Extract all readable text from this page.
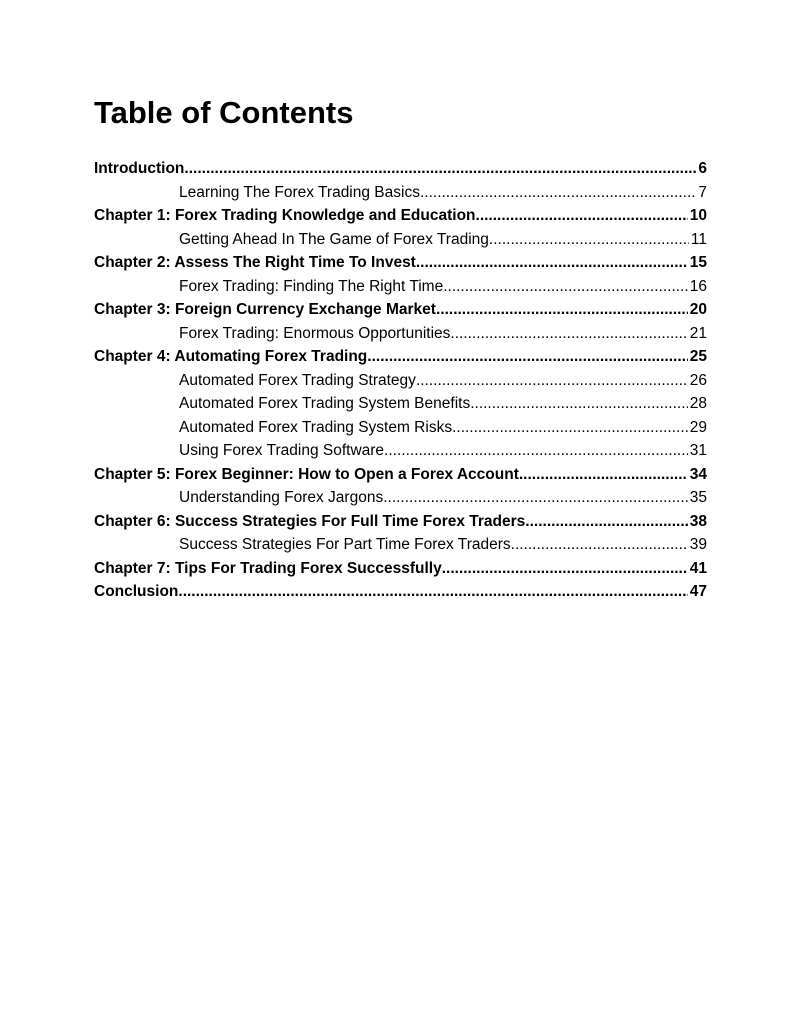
Table of Contents
Introduction .....	6
Learning The Forex Trading Basics .....	7
Chapter 1: Forex Trading Knowledge and Education .....	10
Getting Ahead In The Game of Forex Trading .....	11
Chapter 2: Assess The Right Time To Invest .....	15
Forex Trading: Finding The Right Time .....	16
Chapter 3: Foreign Currency Exchange Market .....	20
Forex Trading: Enormous Opportunities .....	21
Chapter 4: Automating Forex Trading .....	25
Automated Forex Trading Strategy .....	26
Automated Forex Trading System Benefits .....	28
Automated Forex Trading System Risks .....	29
Using Forex Trading Software .....	31
Chapter 5: Forex Beginner: How to Open a Forex Account .....	34
Understanding Forex Jargons .....	35
Chapter 6: Success Strategies For Full Time Forex Traders .....	38
Success Strategies For Part Time Forex Traders .....	39
Chapter 7: Tips For Trading Forex Successfully .....	41
Conclusion .....	47
